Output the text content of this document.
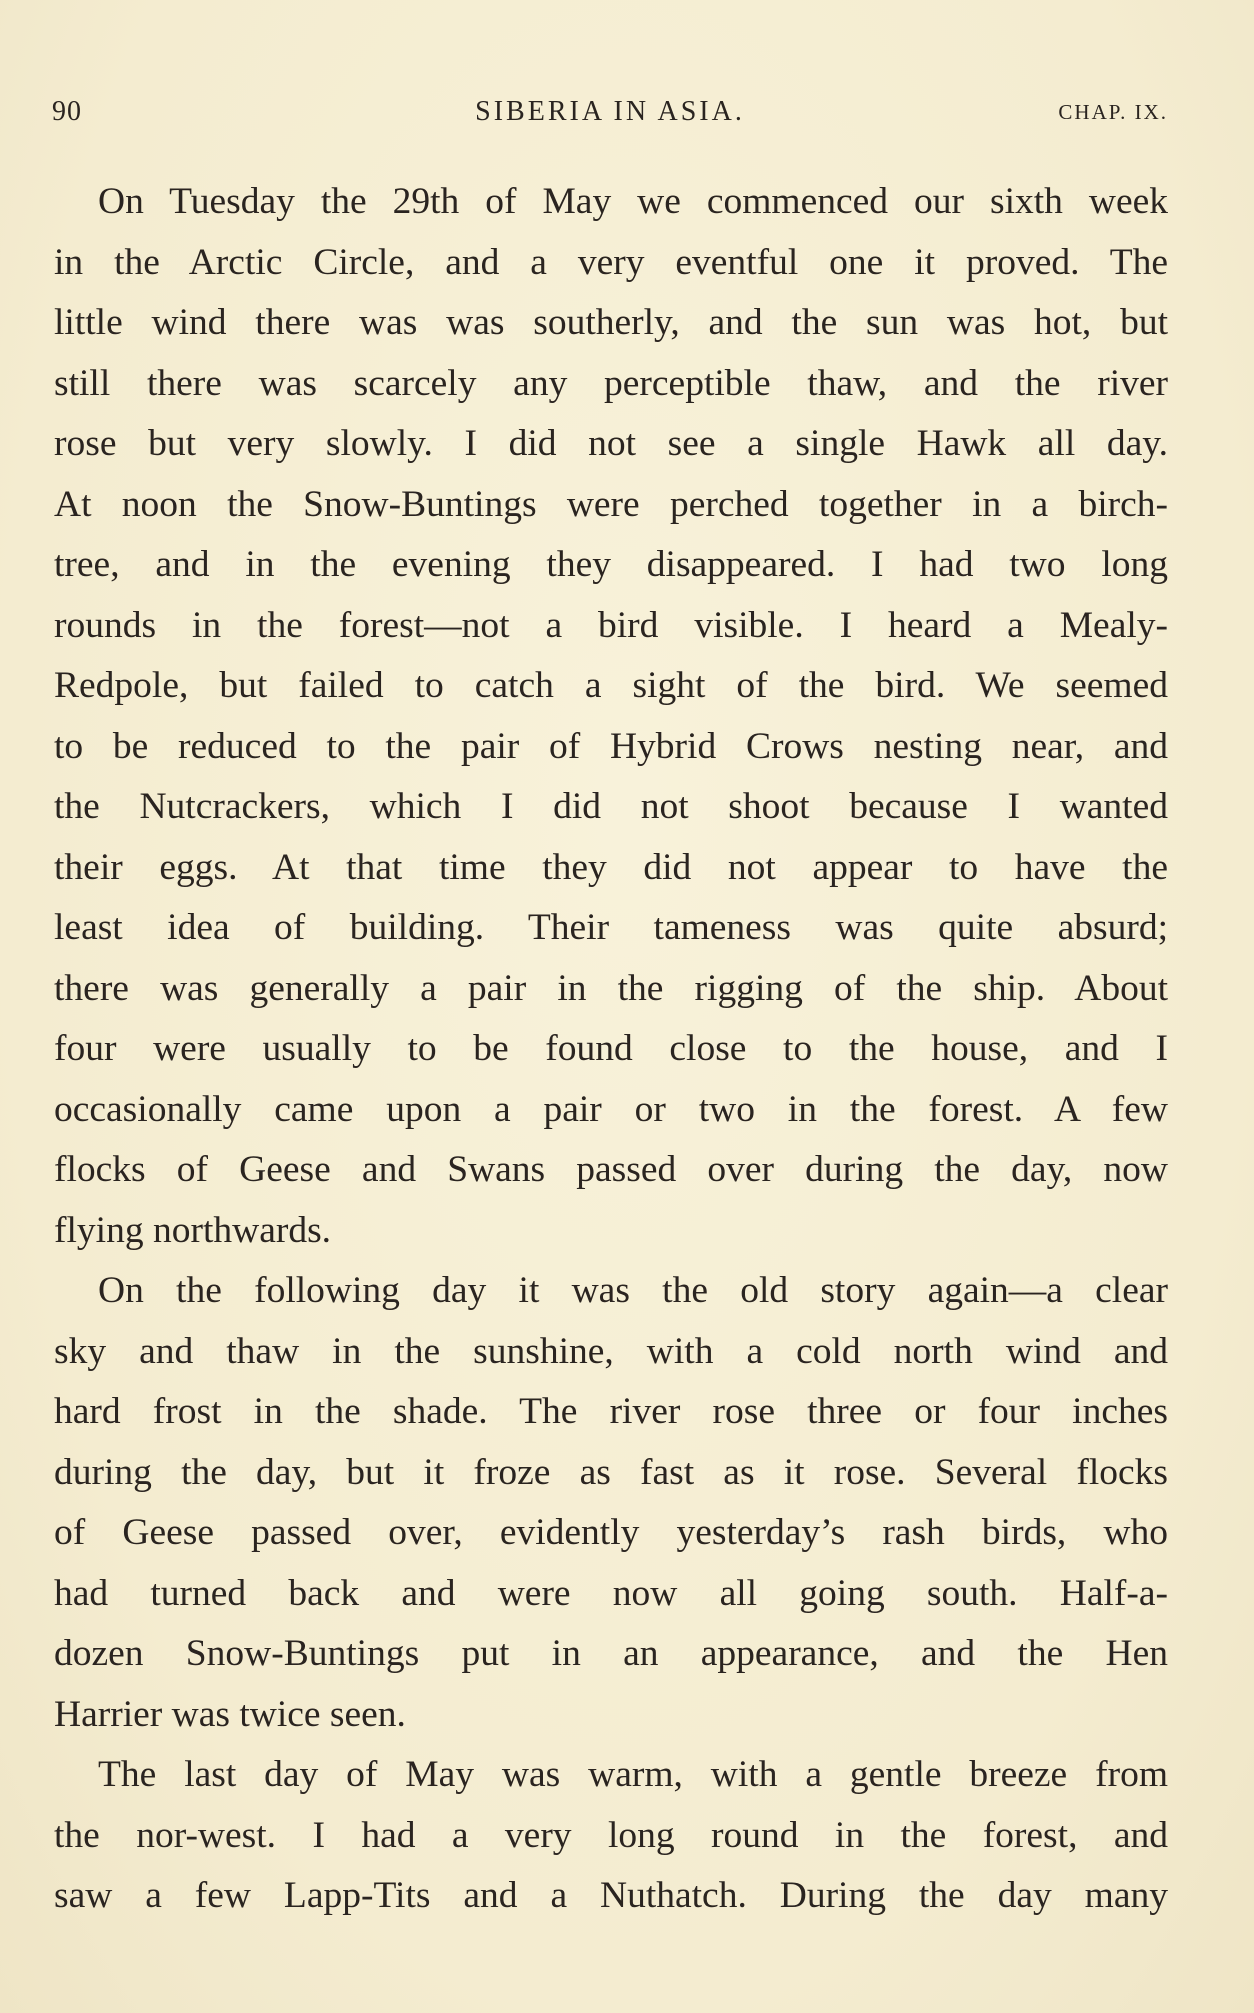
90	SIBERIA IN ASIA.	CHAP. IX.
On Tuesday the 29th of May we commenced our sixth week
in the Arctic Circle, and a very eventful one it proved. The
little wind there was was southerly, and the sun was hot, but
still there was scarcely any perceptible thaw, and the river
rose but very slowly. I did not see a single Hawk all day.
At noon the Snow-Buntings were perched together in a birch-
tree, and in the evening they disappeared. I had two long
rounds in the forest—not a bird visible. I heard a Mealy-
Redpole, but failed to catch a sight of the bird. We seemed
to be reduced to the pair of Hybrid Crows nesting near, and
the Nutcrackers, which I did not shoot because I wanted
their eggs. At that time they did not appear to have the
least idea of building. Their tameness was quite absurd;
there was generally a pair in the rigging of the ship. About
four were usually to be found close to the house, and I
occasionally came upon a pair or two in the forest. A few
flocks of Geese and Swans passed over during the day, now
flying northwards.
On the following day it was the old story again—a clear
sky and thaw in the sunshine, with a cold north wind and
hard frost in the shade. The river rose three or four inches
during the day, but it froze as fast as it rose. Several flocks
of Geese passed over, evidently yesterday’s rash birds, who
had turned back and were now all going south. Half-a-
dozen Snow-Buntings put in an appearance, and the Hen
Harrier was twice seen.
The last day of May was warm, with a gentle breeze from
the nor-west. I had a very long round in the forest, and
saw a few Lapp-Tits and a Nuthatch. During the day many
